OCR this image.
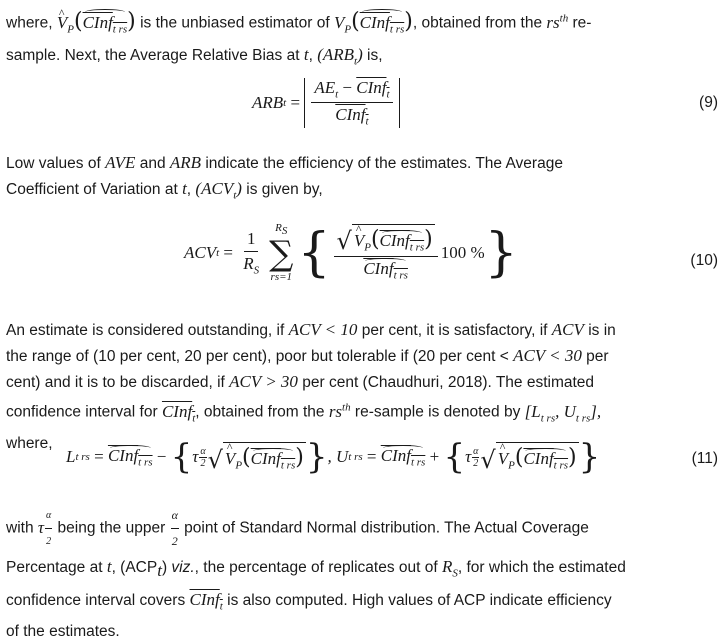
where, ^ $V_P(CInf_{t rs})$ is the unbiased estimator of $V_P(CInf_{t rs})$, obtained from the $rs^{th}$ re-
sample. Next, the Average Relative Bias at t, $(ARB_t)$ is,

ARB $t = \frac{AE_t - CInf_t}{CInf_t}$	(9)

Low values of AVE and ARB indicate the efficiency of the estimates. The Average
Coefficient of Variation at t, $(ACV_t)$ is given by,

ACV $t = \frac{1}{R_S}$
$R_S$
∑
rs=1 { $\frac{√ \^{} V_P(CInf_{t rs})}{CInf_{t rs}} 100$ % }	(10)

An estimate is considered outstanding, if ACV < 10 per cent, it is satisfactory, if ACV is in
the range of (10 per cent, 20 per cent), poor but tolerable if (20 per cent < ACV < 30 per
cent) and it is to be discarded, if ACV > 30 per cent (Chaudhuri, 2018). The estimated
confidence interval for CInf$_t$, obtained from the $rs^{th}$ re-sample is denoted by [$L_{t rs}$, $U_{t rs}$],
where,

L t rs = CInf$_{t rs}$ − { τ α
2 √ ^ $V_P(CInf_{t rs})$ } , U t rs = CInf$_{t rs}$ + { τ α
2 √ ^ $V_P(CInf_{t rs})$ }	(11)

with τ $\frac{\alpha}{2}$ being the upper $\frac{\alpha}{2}$ point of Standard Normal distribution. The Actual Coverage
Percentage at t, $(ACP_t)$ viz., the percentage of replicates out of $R_S$, for which the estimated
confidence interval covers CInf$_t$ is also computed. High values of ACP indicate efficiency
of the estimates.
